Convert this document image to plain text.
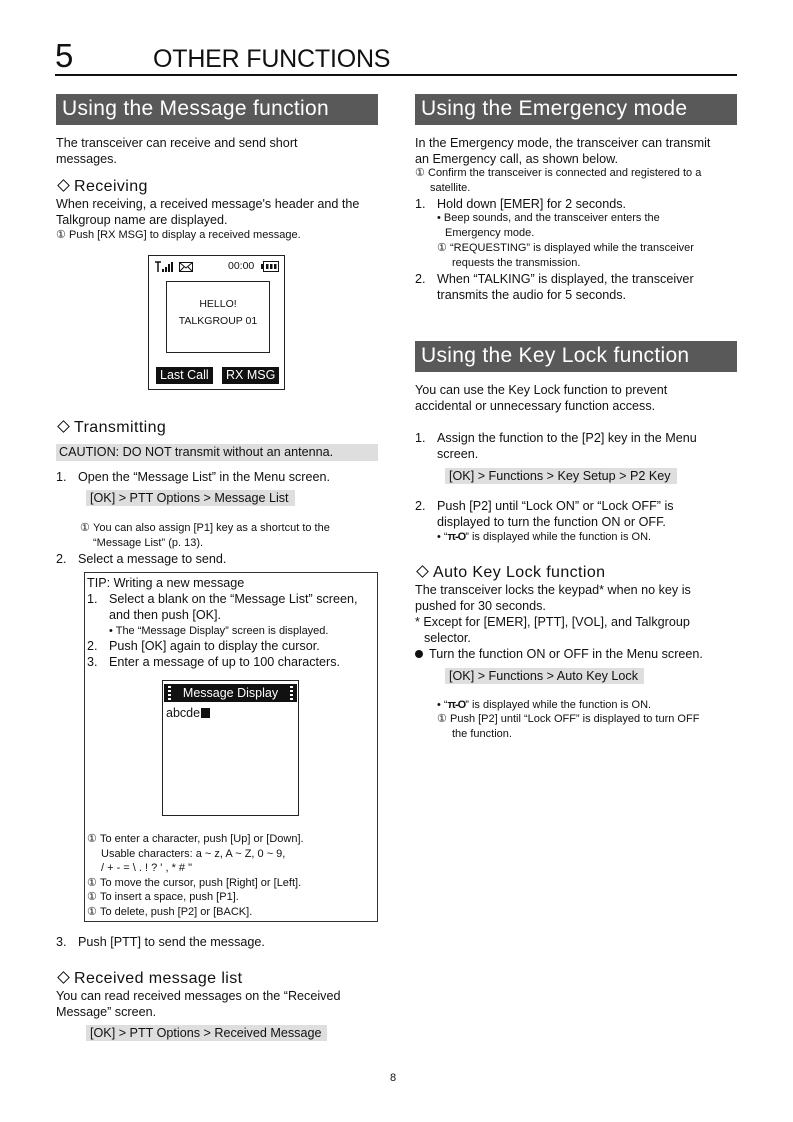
5	OTHER FUNCTIONS
Using the Message function
The transceiver can receive and send short
messages.
Receiving
When receiving, a received message's header and the
Talkgroup name are displayed.
① Push [RX MSG] to display a received message.
00:00
HELLO!
TALKGROUP 01
Last Call	RX MSG
Transmitting
CAUTION: DO NOT transmit without an antenna.
1. Open the “Message List” in the Menu screen.
[OK] > PTT Options > Message List
① You can also assign [P1] key as a shortcut to the
“Message List” (p. 13).
2. Select a message to send.
TIP: Writing a new message
1. Select a blank on the “Message List” screen,
and then push [OK].
• The “Message Display” screen is displayed.
2. Push [OK] again to display the cursor.
3. Enter a message of up to 100 characters.
① To enter a character, push [Up] or [Down].
Usable characters: a ~ z, A ~ Z, 0 ~ 9,
/ + - = \ . ! ? ' , * # "
① To move the cursor, push [Right] or [Left].
① To insert a space, push [P1].
① To delete, push [P2] or [BACK].
Message Display
abcde
3. Push [PTT] to send the message.
Received message list
You can read received messages on the “Received
Message” screen.
[OK] > PTT Options > Received Message
Using the Emergency mode
In the Emergency mode, the transceiver can transmit
an Emergency call, as shown below.
① Confirm the transceiver is connected and registered to a
satellite.
1. Hold down [EMER] for 2 seconds.
• Beep sounds, and the transceiver enters the
Emergency mode.
① “REQUESTING” is displayed while the transceiver
requests the transmission.
2. When “TALKING” is displayed, the transceiver
transmits the audio for 5 seconds.
Using the Key Lock function
You can use the Key Lock function to prevent
accidental or unnecessary function access.
1. Assign the function to the [P2] key in the Menu
screen.
[OK] > Functions > Key Setup > P2 Key
2. Push [P2] until “Lock ON” or “Lock OFF” is
displayed to turn the function ON or OFF.
• “π-O” is displayed while the function is ON.
Auto Key Lock function
The transceiver locks the keypad* when no key is
pushed for 30 seconds.
* Except for [EMER], [PTT], [VOL], and Talkgroup
selector.
Turn the function ON or OFF in the Menu screen.
[OK] > Functions > Auto Key Lock
• “π-O” is displayed while the function is ON.
① Push [P2] until “Lock OFF” is displayed to turn OFF
the function.
8
